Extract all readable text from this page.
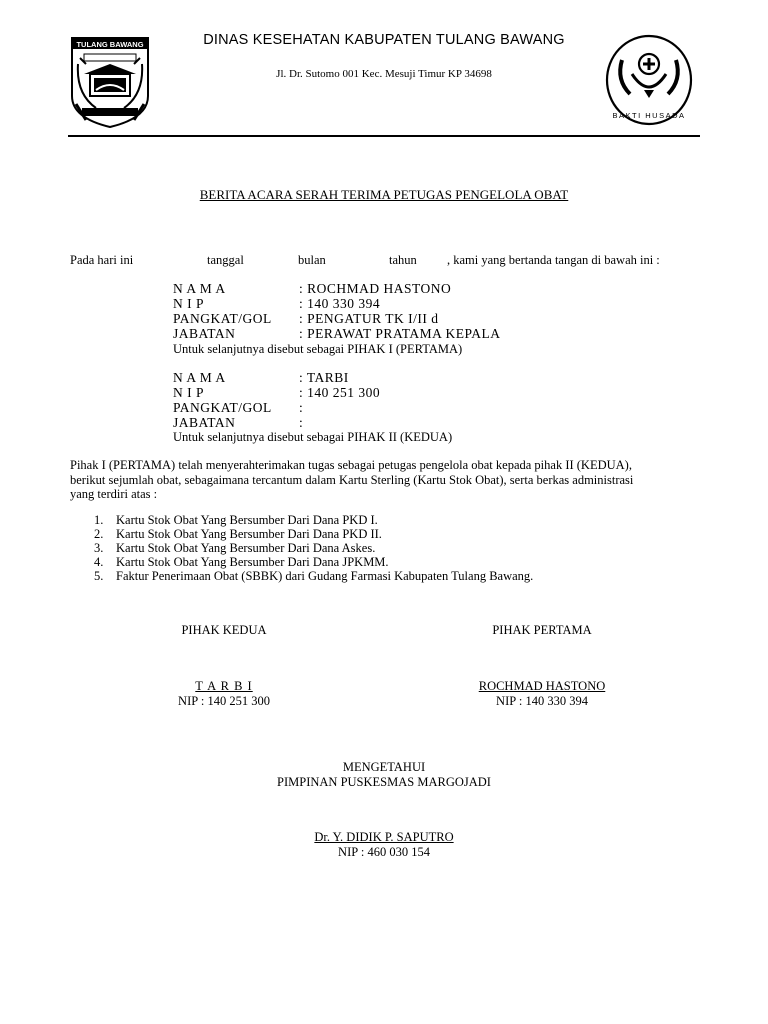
TULANG BAWANG	DINAS KESEHATAN KABUPATEN TULANG BAWANG
Jl. Dr. Sutomo 001 Kec. Mesuji Timur KP 34698
BAKTI HUSADA
BERITA ACARA SERAH TERIMA PETUGAS PENGELOLA OBAT
Pada hari ini	tanggal	bulan	tahun , kami yang bertanda tangan di bawah ini :
N A M A	: ROCHMAD HASTONO
N I P	: 140 330 394
PANGKAT/GOL : PENGATUR TK I/II d
JABATAN	: PERAWAT PRATAMA KEPALA
Untuk selanjutnya disebut sebagai PIHAK I (PERTAMA)
N A M A	: TARBI
N I P	: 140 251 300
PANGKAT/GOL :
JABATAN	:
Untuk selanjutnya disebut sebagai PIHAK II (KEDUA)
Pihak I (PERTAMA) telah menyerahterimakan tugas sebagai petugas pengelola obat kepada pihak II (KEDUA),
berikut sejumlah obat, sebagaimana tercantum dalam Kartu Sterling (Kartu Stok Obat), serta berkas administrasi
yang terdiri atas :
1.	Kartu Stok Obat Yang Bersumber Dari Dana PKD I.
2.	Kartu Stok Obat Yang Bersumber Dari Dana PKD II.
3.	Kartu Stok Obat Yang Bersumber Dari Dana Askes.
4.	Kartu Stok Obat Yang Bersumber Dari Dana JPKMM.
5.	Faktur Penerimaan Obat (SBBK) dari Gudang Farmasi Kabupaten Tulang Bawang.
PIHAK KEDUA
T A R B I
NIP : 140 251 300
PIHAK PERTAMA
ROCHMAD HASTONO
NIP : 140 330 394
MENGETAHUI
PIMPINAN PUSKESMAS MARGOJADI
Dr. Y. DIDIK P. SAPUTRO
NIP : 460 030 154
